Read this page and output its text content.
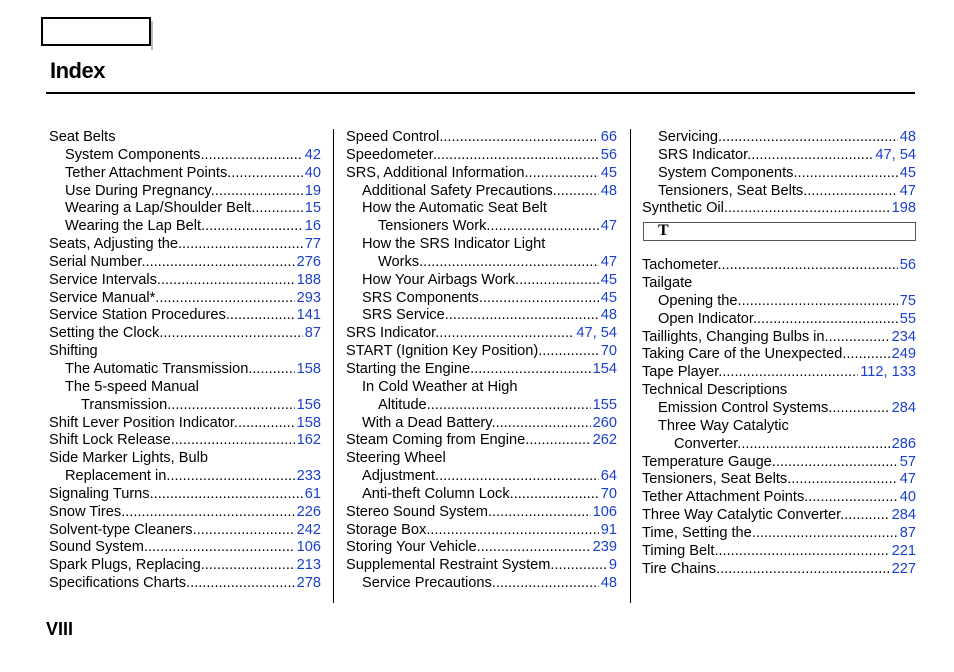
Index
Seat Belts
System Components .....	42
Tether Attachment Points .....	40
Use During Pregnancy .....	19
Wearing a Lap/Shoulder Belt .....	15
Wearing the Lap Belt .....	16
Seats, Adjusting the .....	77
Serial Number .....	276
Service Intervals .....	188
Service Manual* .....	293
Service Station Procedures .....	141
Setting the Clock .....	87
Shifting
The Automatic Transmission .....	158
The 5-speed Manual
Transmission .....	156
Shift Lever Position Indicator .....	158
Shift Lock Release .....	162
Side Marker Lights, Bulb
Replacement in .....	233
Signaling Turns .....	61
Snow Tires .....	226
Solvent-type Cleaners .....	242
Sound System .....	106
Spark Plugs, Replacing .....	213
Specifications Charts .....	278
Speed Control .....	66
Speedometer .....	56
SRS, Additional Information .....	45
Additional Safety Precautions .....	48
How the Automatic Seat Belt
Tensioners Work .....	47
How the SRS Indicator Light
Works .....	47
How Your Airbags Work .....	45
SRS Components .....	45
SRS Service .....	48
SRS Indicator .....	47, 54
START (Ignition Key Position) .....	70
Starting the Engine .....	154
In Cold Weather at High
Altitude .....	155
With a Dead Battery .....	260
Steam Coming from Engine .....	262
Steering Wheel
Adjustment .....	64
Anti-theft Column Lock .....	70
Stereo Sound System .....	106
Storage Box .....	91
Storing Your Vehicle .....	239
Supplemental Restraint System .....	9
Service Precautions .....	48
Servicing .....	48
SRS Indicator .....	47, 54
System Components .....	45
Tensioners, Seat Belts .....	47
Synthetic Oil .....	198
T
Tachometer .....	56
Tailgate
Opening the .....	75
Open Indicator .....	55
Taillights, Changing Bulbs in .....	234
Taking Care of the Unexpected .....	249
Tape Player .....	112, 133
Technical Descriptions
Emission Control Systems .....	284
Three Way Catalytic
Converter .....	286
Temperature Gauge .....	57
Tensioners, Seat Belts .....	47
Tether Attachment Points .....	40
Three Way Catalytic Converter .....	284
Time, Setting the .....	87
Timing Belt .....	221
Tire Chains .....	227
VIII
